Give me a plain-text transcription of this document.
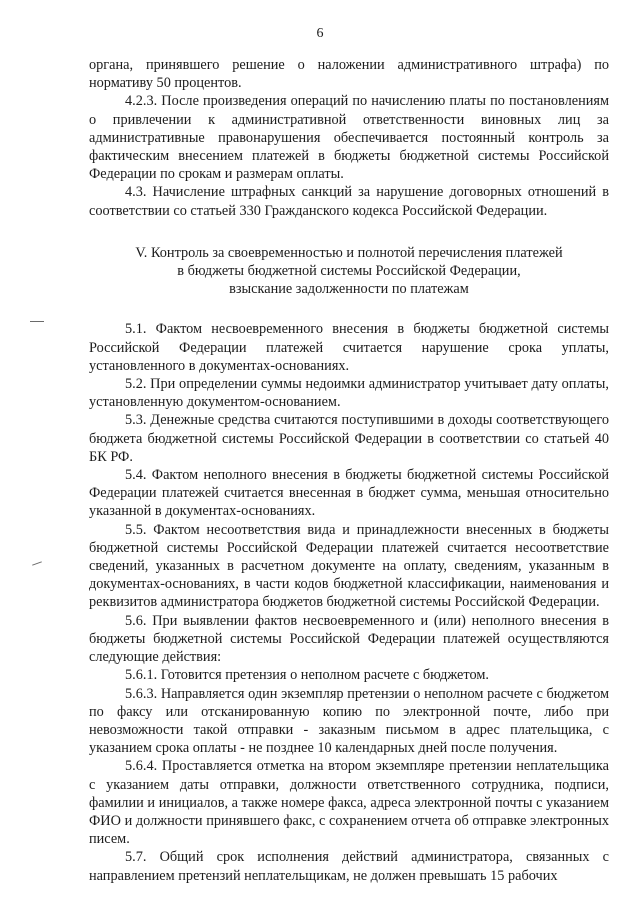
6

органа, принявшего решение о наложении административного штрафа) по нормативу 50 процентов.

4.2.3. После произведения операций по начислению платы по постановлениям о привлечении к административной ответственности виновных лиц за административные правонарушения обеспечивается постоянный контроль за фактическим внесением платежей в бюджеты бюджетной системы Российской Федерации по срокам и размерам оплаты.

4.3. Начисление штрафных санкций за нарушение договорных отношений в соответствии со статьей 330 Гражданского кодекса Российской Федерации.

V. Контроль за своевременностью и полнотой перечисления платежей
в бюджеты бюджетной системы Российской Федерации,
взыскание задолженности по платежам

5.1. Фактом несвоевременного внесения в бюджеты бюджетной системы Российской Федерации платежей считается нарушение срока уплаты, установленного в документах-основаниях.

5.2. При определении суммы недоимки администратор учитывает дату оплаты, установленную документом-основанием.

5.3. Денежные средства считаются поступившими в доходы соответствующего бюджета бюджетной системы Российской Федерации в соответствии со статьей 40 БК РФ.

5.4. Фактом неполного внесения в бюджеты бюджетной системы Российской Федерации платежей считается внесенная в бюджет сумма, меньшая относительно указанной в документах-основаниях.

5.5. Фактом несоответствия вида и принадлежности внесенных в бюджеты бюджетной системы Российской Федерации платежей считается несоответствие сведений, указанных в расчетном документе на оплату, сведениям, указанным в документах-основаниях, в части кодов бюджетной классификации, наименования и реквизитов администратора бюджетов бюджетной системы Российской Федерации.

5.6. При выявлении фактов несвоевременного и (или) неполного внесения в бюджеты бюджетной системы Российской Федерации платежей осуществляются следующие действия:

5.6.1. Готовится претензия о неполном расчете с бюджетом.

5.6.3. Направляется один экземпляр претензии о неполном расчете с бюджетом по факсу или отсканированную копию по электронной почте, либо при невозможности такой отправки - заказным письмом в адрес плательщика, с указанием срока оплаты - не позднее 10 календарных дней после получения.

5.6.4. Проставляется отметка на втором экземпляре претензии неплательщика с указанием даты отправки, должности ответственного сотрудника, подписи, фамилии и инициалов, а также номере факса, адреса электронной почты с указанием ФИО и должности принявшего факс, с сохранением отчета об отправке электронных писем.

5.7. Общий срок исполнения действий администратора, связанных с направлением претензий неплательщикам, не должен превышать 15 рабочих
